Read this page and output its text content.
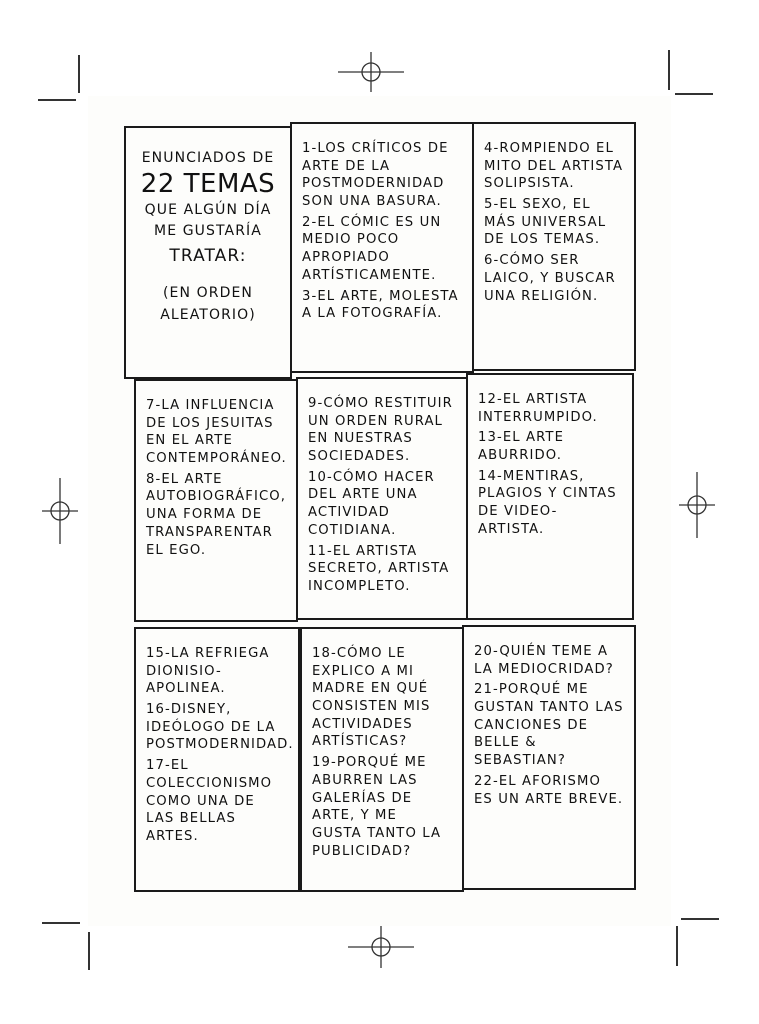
ENUNCIADOS DE
22 TEMAS
QUE ALGÚN DÍA
ME GUSTARÍA
TRATAR:
(EN ORDEN
ALEATORIO)
1-LOS CRÍTICOS DE ARTE DE LA POSTMODERNIDAD SON UNA BASURA.
2-EL CÓMIC ES UN MEDIO POCO APROPIADO ARTÍSTICAMENTE.
3-EL ARTE, MOLESTA A LA FOTOGRAFÍA.
4-ROMPIENDO EL MITO DEL ARTISTA SOLIPSISTA.
5-EL SEXO, EL MÁS UNIVERSAL DE LOS TEMAS.
6-CÓMO SER LAICO, Y BUSCAR UNA RELIGIÓN.
7-LA INFLUENCIA DE LOS JESUITAS EN EL ARTE CONTEMPORÁNEO.
8-EL ARTE AUTOBIOGRÁFICO, UNA FORMA DE TRANSPARENTAR EL EGO.
9-CÓMO RESTITUIR UN ORDEN RURAL EN NUESTRAS SOCIEDADES.
10-CÓMO HACER DEL ARTE UNA ACTIVIDAD COTIDIANA.
11-EL ARTISTA SECRETO, ARTISTA INCOMPLETO.
12-EL ARTISTA INTERRUMPIDO.
13-EL ARTE ABURRIDO.
14-MENTIRAS, PLAGIOS Y CINTAS DE VIDEO-ARTISTA.
15-LA REFRIEGA DIONISIO-APOLINEA.
16-DISNEY, IDEÓLOGO DE LA POSTMODERNIDAD.
17-EL COLECCIONISMO COMO UNA DE LAS BELLAS ARTES.
18-CÓMO LE EXPLICO A MI MADRE EN QUÉ CONSISTEN MIS ACTIVIDADES ARTÍSTICAS?
19-PORQUÉ ME ABURREN LAS GALERÍAS DE ARTE, Y ME GUSTA TANTO LA PUBLICIDAD?
20-QUIÉN TEME A LA MEDIOCRIDAD?
21-PORQUÉ ME GUSTAN TANTO LAS CANCIONES DE BELLE & SEBASTIAN?
22-EL AFORISMO ES UN ARTE BREVE.
